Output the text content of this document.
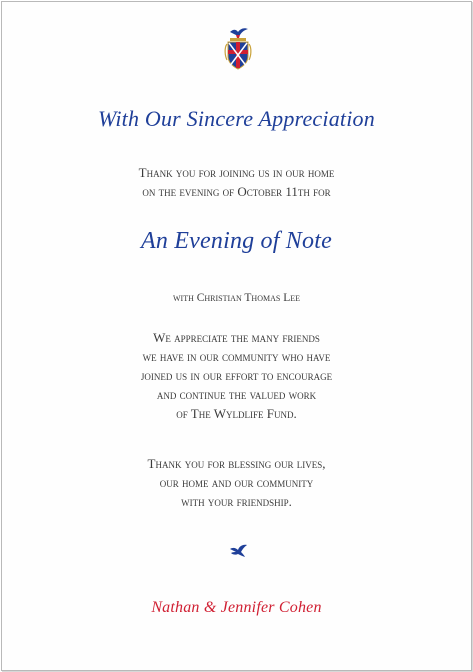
With Our Sincere Appreciation

Thank you for joining us in our home
on the evening of October 11th for

An Evening of Note

with Christian Thomas Lee

We appreciate the many friends
we have in our community who have
joined us in our effort to encourage
and continue the valued work
of The Wyldlife Fund.

Thank you for blessing our lives,
our home and our community
with your friendship.

Nathan & Jennifer Cohen
